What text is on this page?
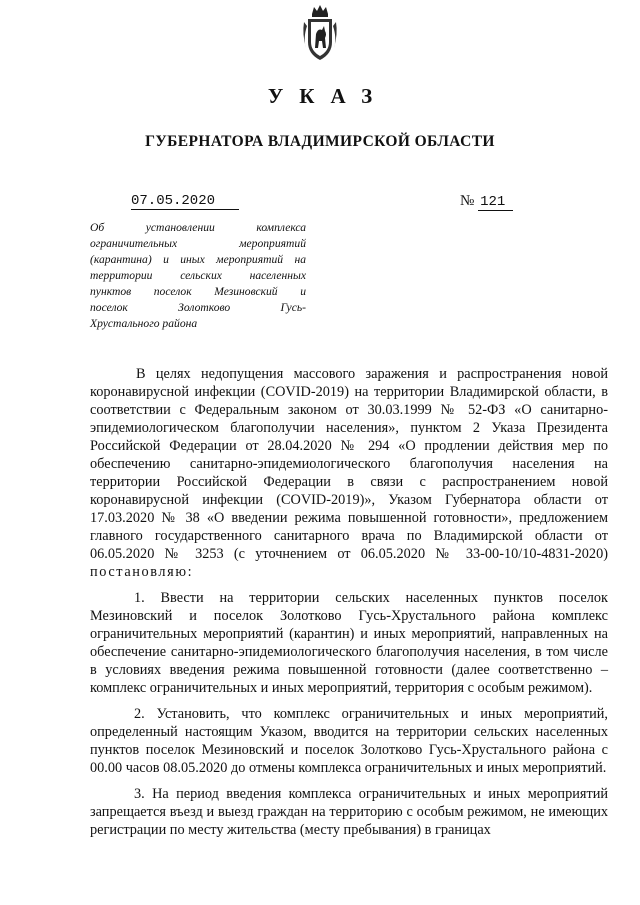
УКАЗ
ГУБЕРНАТОРА ВЛАДИМИРСКОЙ ОБЛАСТИ
07.05.2020	№ 121
Об установлении комплекса
ограничительных мероприятий
(карантина) и иных мероприятий на
территории сельских населенных
пунктов поселок Мезиновский и
поселок Золотково Гусь-
Хрустального района

В целях недопущения массового заражения и распространения новой коронавирусной инфекции (COVID-2019) на территории Владимирской области, в соответствии с Федеральным законом от 30.03.1999 № 52-ФЗ «О санитарно-эпидемиологическом благополучии населения», пунктом 2 Указа Президента Российской Федерации от 28.04.2020 № 294 «О продлении действия мер по обеспечению санитарно-эпидемиологического благополучия населения на территории Российской Федерации в связи с распространением новой коронавирусной инфекции (COVID-2019)», Указом Губернатора области от 17.03.2020 № 38 «О введении режима повышенной готовности», предложением главного государственного санитарного врача по Владимирской области от 06.05.2020 № 3253 (с уточнением от 06.05.2020 № 33-00-10/10-4831-2020) постановляю:

1. Ввести на территории сельских населенных пунктов поселок Мезиновский и поселок Золотково Гусь-Хрустального района комплекс ограничительных мероприятий (карантин) и иных мероприятий, направленных на обеспечение санитарно-эпидемиологического благополучия населения, в том числе в условиях введения режима повышенной готовности (далее соответственно – комплекс ограничительных и иных мероприятий, территория с особым режимом).

2. Установить, что комплекс ограничительных и иных мероприятий, определенный настоящим Указом, вводится на территории сельских населенных пунктов поселок Мезиновский и поселок Золотково Гусь-Хрустального района с 00.00 часов 08.05.2020 до отмены комплекса ограничительных и иных мероприятий.

3. На период введения комплекса ограничительных и иных мероприятий запрещается въезд и выезд граждан на территорию с особым режимом, не имеющих регистрации по месту жительства (месту пребывания) в границах
